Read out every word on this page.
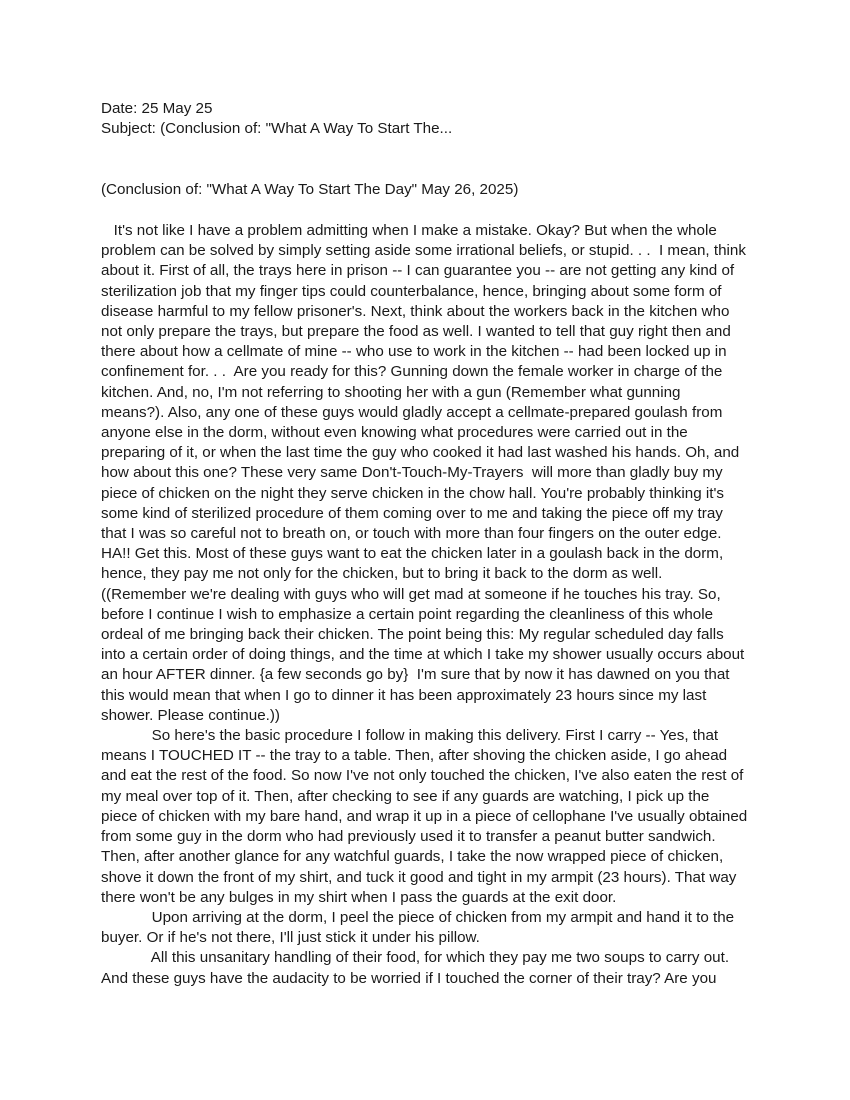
Date: 25 May 25
Subject: (Conclusion of: "What A Way To Start The...
(Conclusion of: "What A Way To Start The Day" May 26, 2025)
It's not like I have a problem admitting when I make a mistake. Okay? But when the whole
problem can be solved by simply setting aside some irrational beliefs, or stupid. . .  I mean, think
about it. First of all, the trays here in prison -- I can guarantee you -- are not getting any kind of
sterilization job that my finger tips could counterbalance, hence, bringing about some form of
disease harmful to my fellow prisoner's. Next, think about the workers back in the kitchen who
not only prepare the trays, but prepare the food as well. I wanted to tell that guy right then and
there about how a cellmate of mine -- who use to work in the kitchen -- had been locked up in
confinement for. . .  Are you ready for this? Gunning down the female worker in charge of the
kitchen. And, no, I'm not referring to shooting her with a gun (Remember what gunning
means?). Also, any one of these guys would gladly accept a cellmate-prepared goulash from
anyone else in the dorm, without even knowing what procedures were carried out in the
preparing of it, or when the last time the guy who cooked it had last washed his hands. Oh, and
how about this one? These very same Don't-Touch-My-Trayers  will more than gladly buy my
piece of chicken on the night they serve chicken in the chow hall. You're probably thinking it's
some kind of sterilized procedure of them coming over to me and taking the piece off my tray
that I was so careful not to breath on, or touch with more than four fingers on the outer edge.
HA!! Get this. Most of these guys want to eat the chicken later in a goulash back in the dorm,
hence, they pay me not only for the chicken, but to bring it back to the dorm as well.
((Remember we're dealing with guys who will get mad at someone if he touches his tray. So,
before I continue I wish to emphasize a certain point regarding the cleanliness of this whole
ordeal of me bringing back their chicken. The point being this: My regular scheduled day falls
into a certain order of doing things, and the time at which I take my shower usually occurs about
an hour AFTER dinner. {a few seconds go by}  I'm sure that by now it has dawned on you that
this would mean that when I go to dinner it has been approximately 23 hours since my last
shower. Please continue.))
So here's the basic procedure I follow in making this delivery. First I carry -- Yes, that
means I TOUCHED IT -- the tray to a table. Then, after shoving the chicken aside, I go ahead
and eat the rest of the food. So now I've not only touched the chicken, I've also eaten the rest of
my meal over top of it. Then, after checking to see if any guards are watching, I pick up the
piece of chicken with my bare hand, and wrap it up in a piece of cellophane I've usually obtained
from some guy in the dorm who had previously used it to transfer a peanut butter sandwich.
Then, after another glance for any watchful guards, I take the now wrapped piece of chicken,
shove it down the front of my shirt, and tuck it good and tight in my armpit (23 hours). That way
there won't be any bulges in my shirt when I pass the guards at the exit door.
Upon arriving at the dorm, I peel the piece of chicken from my armpit and hand it to the
buyer. Or if he's not there, I'll just stick it under his pillow.
All this unsanitary handling of their food, for which they pay me two soups to carry out.
And these guys have the audacity to be worried if I touched the corner of their tray? Are you
